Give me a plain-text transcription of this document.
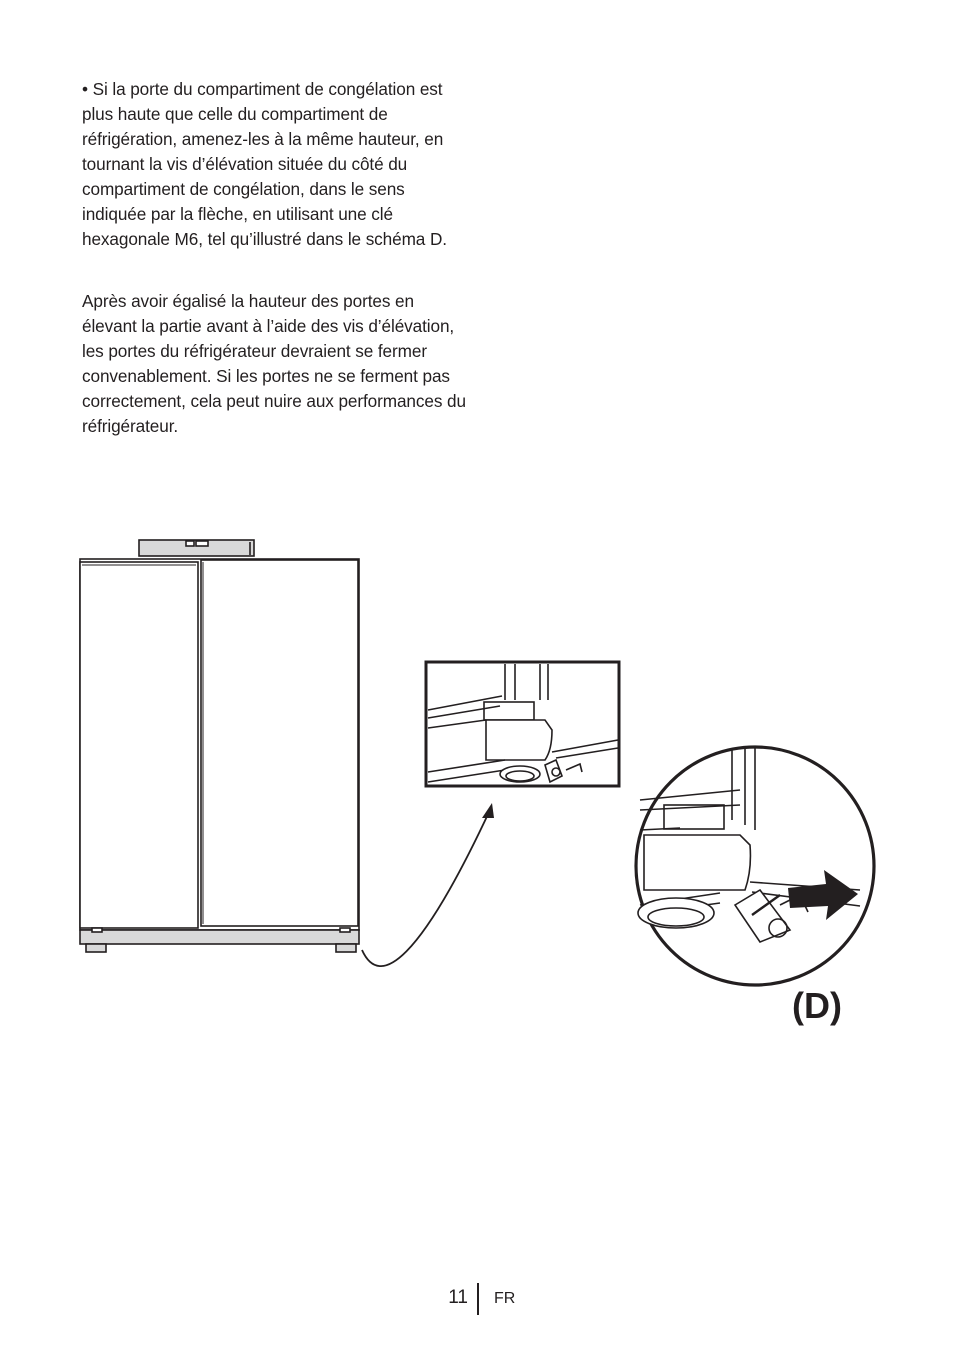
• Si la porte du compartiment de congélation est plus haute que celle du compartiment de réfrigération, amenez-les à la même hauteur, en tournant la vis d’élévation située du côté du compartiment de congélation, dans le sens indiquée par la flèche, en utilisant une clé hexagonale M6, tel qu’illustré dans le schéma D.

Après avoir égalisé la hauteur des portes en élevant la partie avant à l’aide des vis d’élévation, les portes du réfrigérateur devraient se fermer convenablement. Si les portes ne se ferment pas correctement, cela peut nuire aux performances du réfrigérateur.

(D)
11 FR
